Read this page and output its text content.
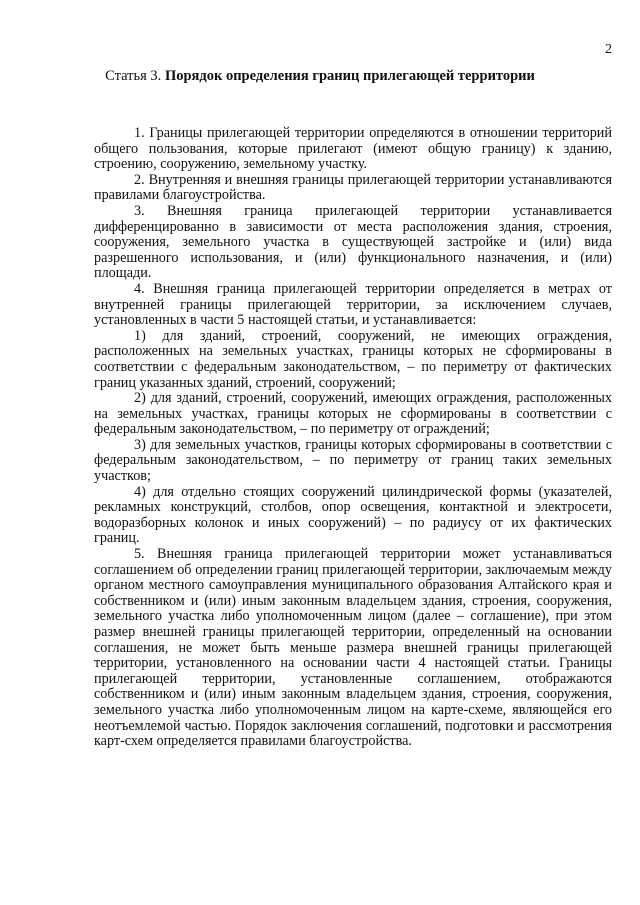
2
Статья 3. Порядок определения границ прилегающей территории

1. Границы прилегающей территории определяются в отношении территорий общего пользования, которые прилегают (имеют общую границу) к зданию, строению, сооружению, земельному участку.

2. Внутренняя и внешняя границы прилегающей территории устанавливаются правилами благоустройства.

3. Внешняя граница прилегающей территории устанавливается дифференцированно в зависимости от места расположения здания, строения, сооружения, земельного участка в существующей застройке и (или) вида разрешенного использования, и (или) функционального назначения, и (или) площади.

4. Внешняя граница прилегающей территории определяется в метрах от внутренней границы прилегающей территории, за исключением случаев, установленных в части 5 настоящей статьи, и устанавливается:

1) для зданий, строений, сооружений, не имеющих ограждения, расположенных на земельных участках, границы которых не сформированы в соответствии с федеральным законодательством, – по периметру от фактических границ указанных зданий, строений, сооружений;

2) для зданий, строений, сооружений, имеющих ограждения, расположенных на земельных участках, границы которых не сформированы в соответствии с федеральным законодательством, – по периметру от ограждений;

3) для земельных участков, границы которых сформированы в соответствии с федеральным законодательством, – по периметру от границ таких земельных участков;

4) для отдельно стоящих сооружений цилиндрической формы (указателей, рекламных конструкций, столбов, опор освещения, контактной и электросети, водоразборных колонок и иных сооружений) – по радиусу от их фактических границ.

5. Внешняя граница прилегающей территории может устанавливаться соглашением об определении границ прилегающей территории, заключаемым между органом местного самоуправления муниципального образования Алтайского края и собственником и (или) иным законным владельцем здания, строения, сооружения, земельного участка либо уполномоченным лицом (далее – соглашение), при этом размер внешней границы прилегающей территории, определенный на основании соглашения, не может быть меньше размера внешней границы прилегающей территории, установленного на основании части 4 настоящей статьи. Границы прилегающей территории, установленные соглашением, отображаются собственником и (или) иным законным владельцем здания, строения, сооружения, земельного участка либо уполномоченным лицом на карте-схеме, являющейся его неотъемлемой частью. Порядок заключения соглашений, подготовки и рассмотрения карт-схем определяется правилами благоустройства.
